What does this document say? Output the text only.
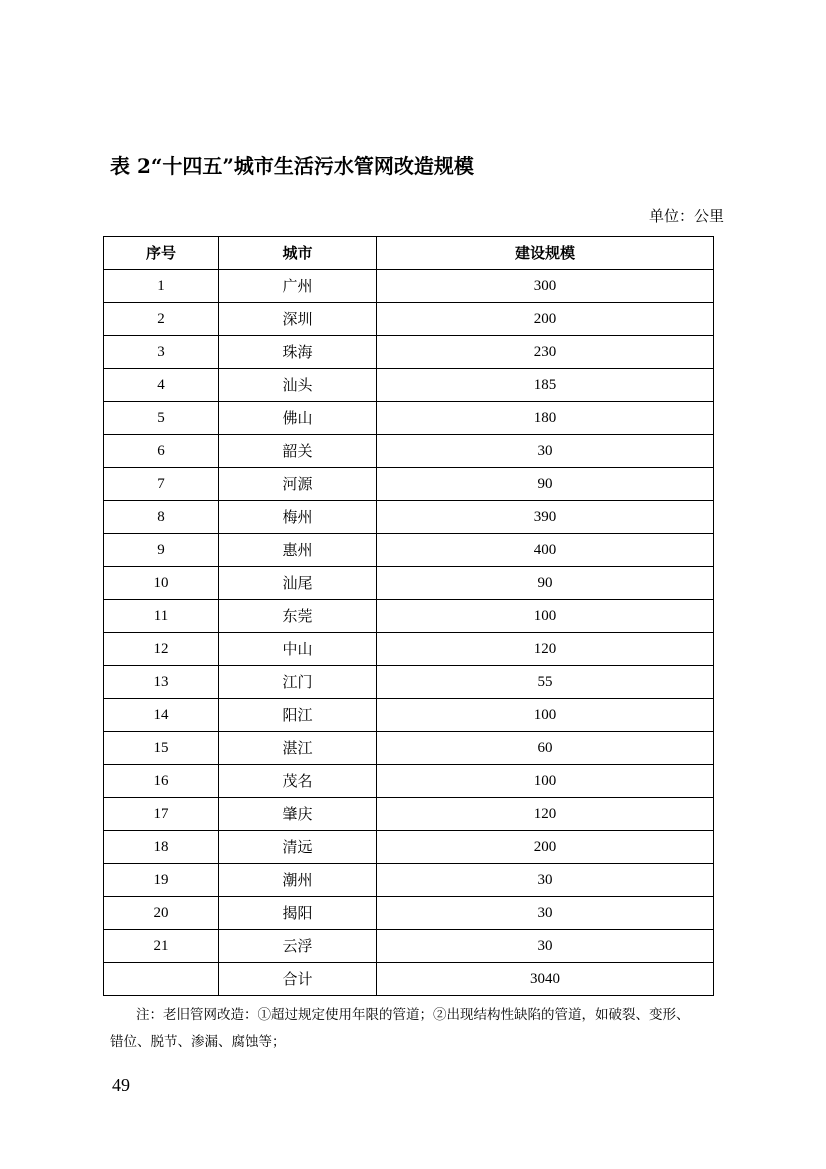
表 2“十四五”城市生活污水管网改造规模
单位：公里
序号	城市	建设规模
1	广州	300
2	深圳	200
3	珠海	230
4	汕头	185
5	佛山	180
6	韶关	30
7	河源	90
8	梅州	390
9	惠州	400
10	汕尾	90
11	东莞	100
12	中山	120
13	江门	55
14	阳江	100
15	湛江	60
16	茂名	100
17	肇庆	120
18	清远	200
19	潮州	30
20	揭阳	30
21	云浮	30
	合计	3040
注：老旧管网改造：①超过规定使用年限的管道；②出现结构性缺陷的管道，如破裂、变形、
错位、脱节、渗漏、腐蚀等；
49
